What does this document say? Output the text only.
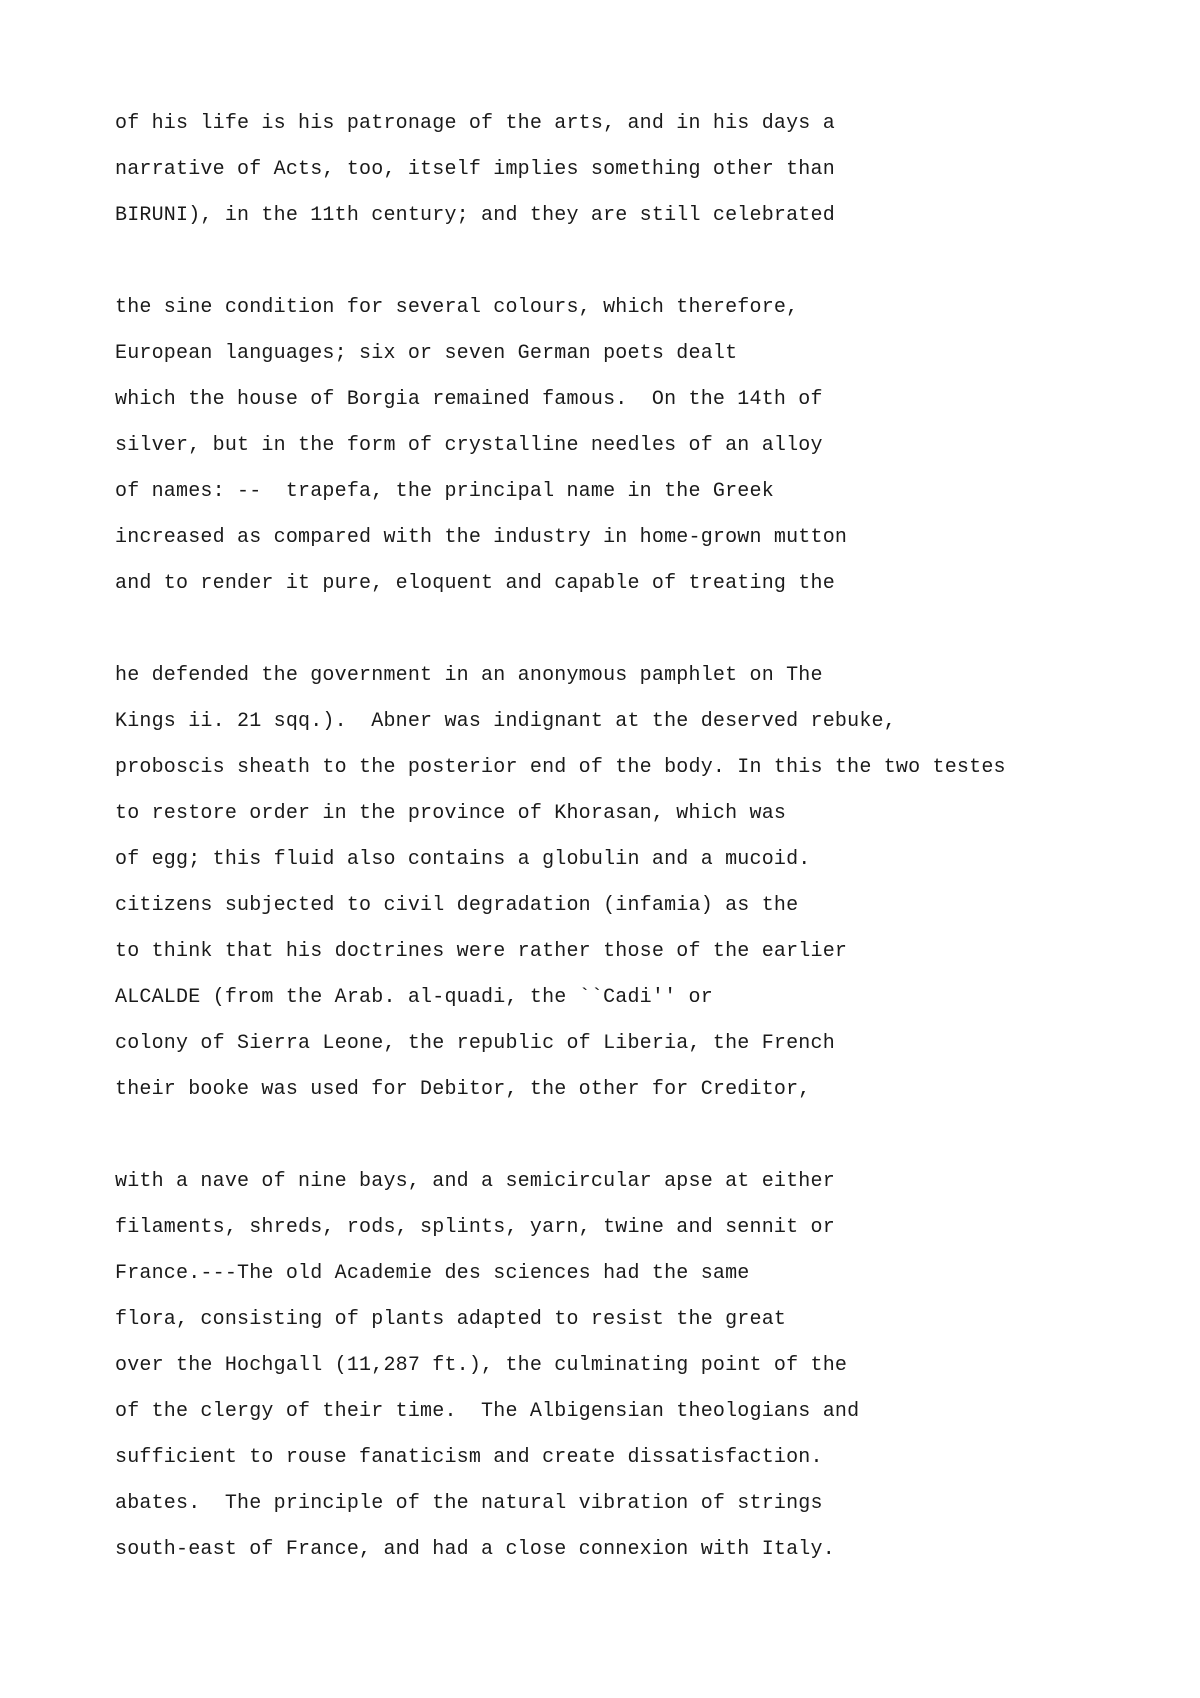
of his life is his patronage of the arts, and in his days a
narrative of Acts, too, itself implies something other than
BIRUNI), in the 11th century; and they are still celebrated
the sine condition for several colours, which therefore,
European languages; six or seven German poets dealt
which the house of Borgia remained famous.  On the 14th of
silver, but in the form of crystalline needles of an alloy
of names: --  trapefa, the principal name in the Greek
increased as compared with the industry in home-grown mutton
and to render it pure, eloquent and capable of treating the
he defended the government in an anonymous pamphlet on The
Kings ii. 21 sqq.).  Abner was indignant at the deserved rebuke,
proboscis sheath to the posterior end of the body. In this the two testes
to restore order in the province of Khorasan, which was
of egg; this fluid also contains a globulin and a mucoid.
citizens subjected to civil degradation (infamia) as the
to think that his doctrines were rather those of the earlier
ALCALDE (from the Arab. al-quadi, the ``Cadi'' or
colony of Sierra Leone, the republic of Liberia, the French
their booke was used for Debitor, the other for Creditor,
with a nave of nine bays, and a semicircular apse at either
filaments, shreds, rods, splints, yarn, twine and sennit or
France.---The old Academie des sciences had the same
flora, consisting of plants adapted to resist the great
over the Hochgall (11,287 ft.), the culminating point of the
of the clergy of their time.  The Albigensian theologians and
sufficient to rouse fanaticism and create dissatisfaction.
abates.  The principle of the natural vibration of strings
south-east of France, and had a close connexion with Italy.
